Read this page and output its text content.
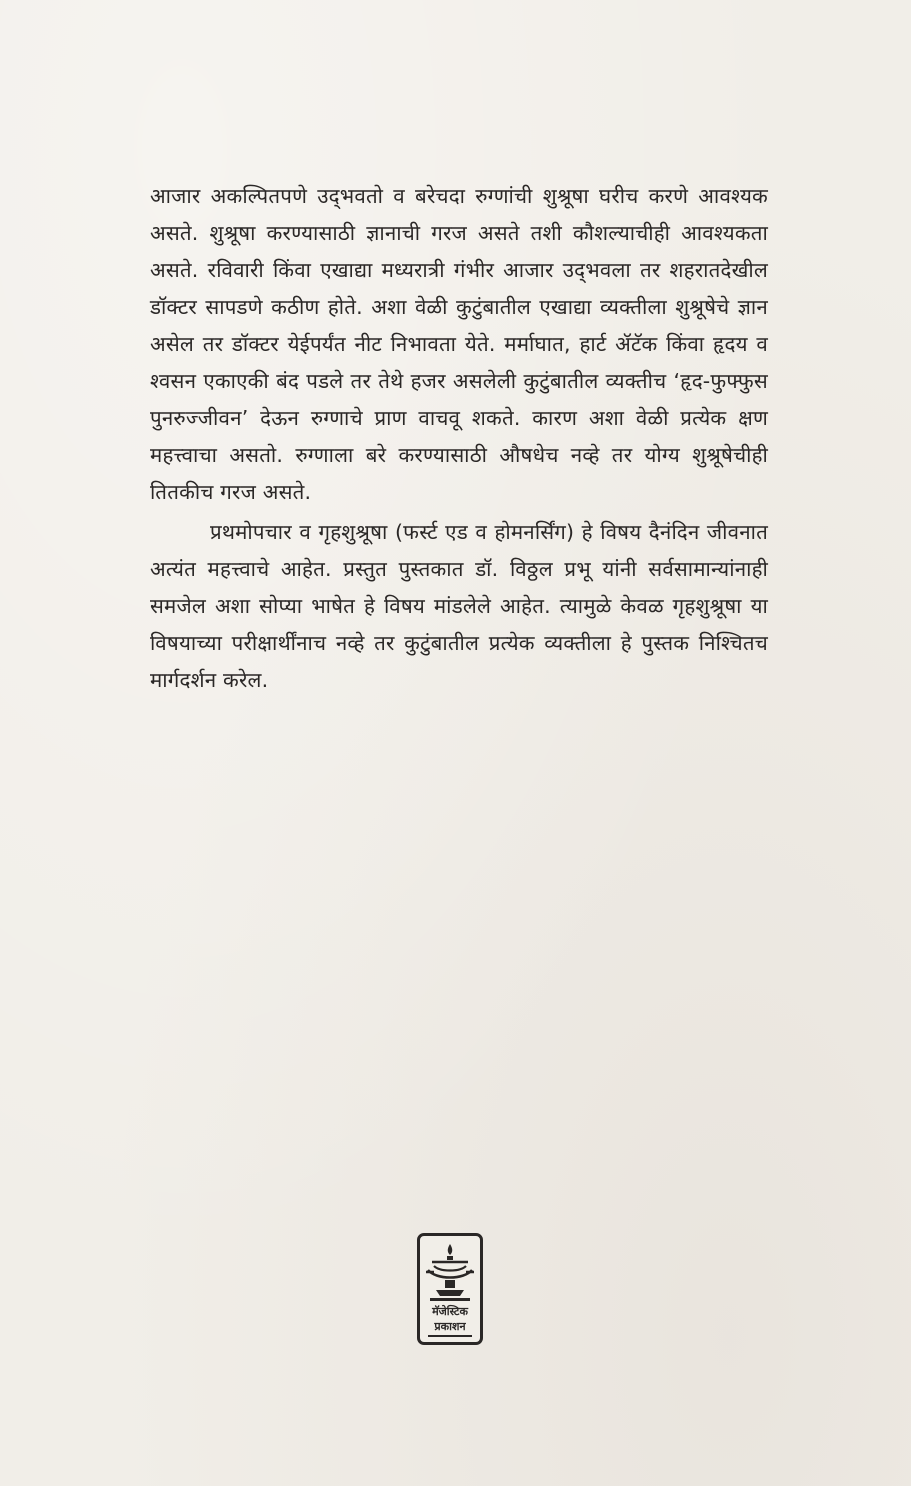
आजार अकल्पितपणे उद्‌भवतो व बरेचदा रुग्णांची शुश्रूषा घरीच करणे आवश्यक असते. शुश्रूषा करण्यासाठी ज्ञानाची गरज असते तशी कौशल्याचीही आवश्यकता असते. रविवारी किंवा एखाद्या मध्यरात्री गंभीर आजार उद्‌भवला तर शहरातदेखील डॉक्टर सापडणे कठीण होते. अशा वेळी कुटुंबातील एखाद्या व्यक्तीला शुश्रूषेचे ज्ञान असेल तर डॉक्टर येईपर्यंत नीट निभावता येते. मर्माघात, हार्ट ॲटॅक किंवा हृदय व श्वसन एकाएकी बंद पडले तर तेथे हजर असलेली कुटुंबातील व्यक्तीच ‘हृद-फुफ्फुस पुनरुज्जीवन’ देऊन रुग्णाचे प्राण वाचवू शकते. कारण अशा वेळी प्रत्येक क्षण महत्त्वाचा असतो. रुग्णाला बरे करण्यासाठी औषधेच नव्हे तर योग्य शुश्रूषेचीही तितकीच गरज असते.

प्रथमोपचार व गृहशुश्रूषा (फर्स्ट एड व होमनर्सिंग) हे विषय दैनंदिन जीवनात अत्यंत महत्त्वाचे आहेत. प्रस्तुत पुस्तकात डॉ. विठ्ठल प्रभू यांनी सर्वसामान्यांनाही समजेल अशा सोप्या भाषेत हे विषय मांडलेले आहेत. त्यामुळे केवळ गृहशुश्रूषा या विषयाच्या परीक्षार्थींनाच नव्हे तर कुटुंबातील प्रत्येक व्यक्तीला हे पुस्तक निश्चितच मार्गदर्शन करेल.

मॅजेस्टिक
प्रकाशन
